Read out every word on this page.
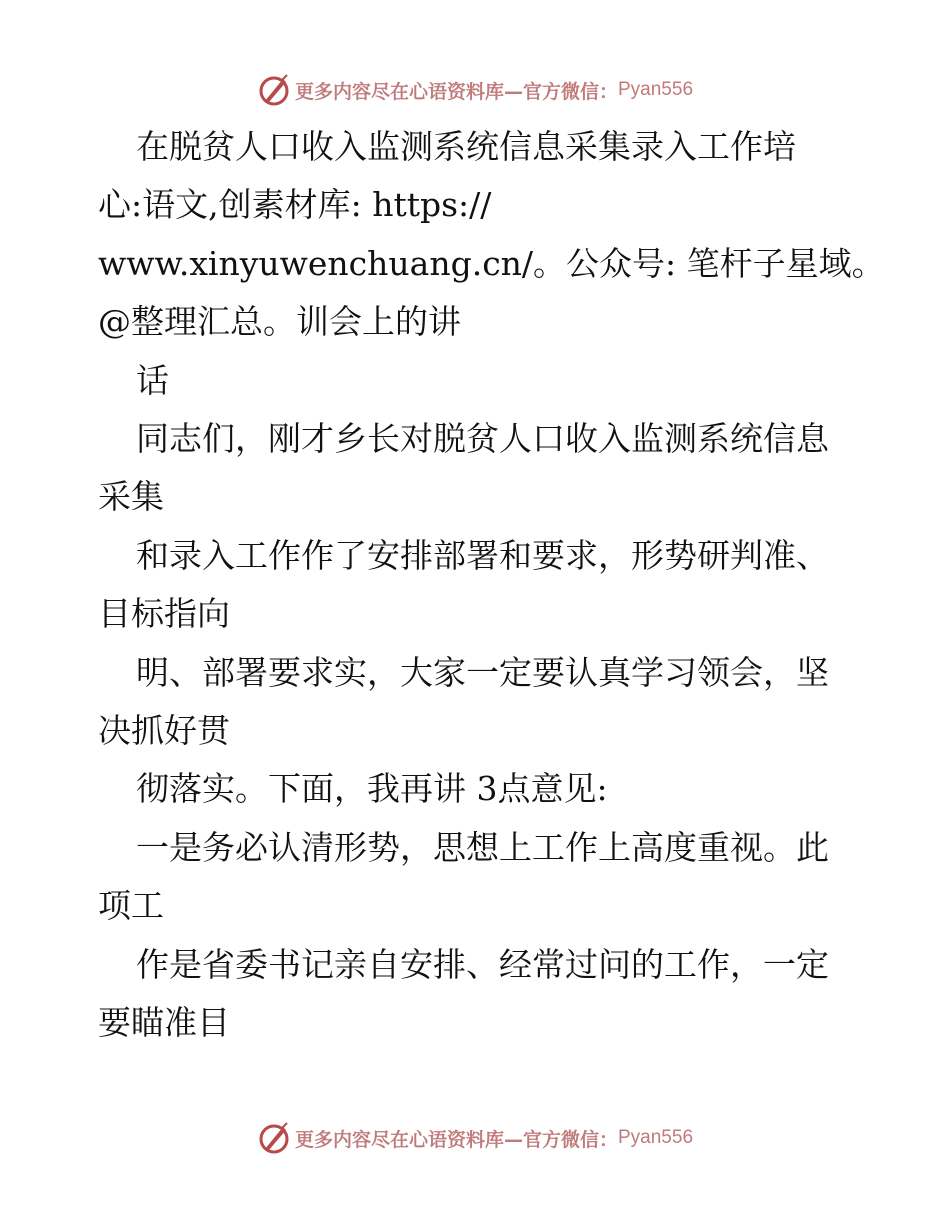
更多内容尽在心语资料库—官方微信： Pyan556
在脱贫人口收入监测系统信息采集录入工作培
心:语文,创素材库: https://
www.xinyuwenchuang.cn/。公众号: 笔杆子星域。
@整理汇总。训会上的讲
话
同志们，刚才乡长对脱贫人口收入监测系统信息
采集
和录入工作作了安排部署和要求，形势研判准、
目标指向
明、部署要求实，大家一定要认真学习领会，坚
决抓好贯
彻落实。下面，我再讲 3点意见:
一是务必认清形势，思想上工作上高度重视。此
项工
作是省委书记亲自安排、经常过问的工作，一定
要瞄准目
更多内容尽在心语资料库—官方微信： Pyan556
